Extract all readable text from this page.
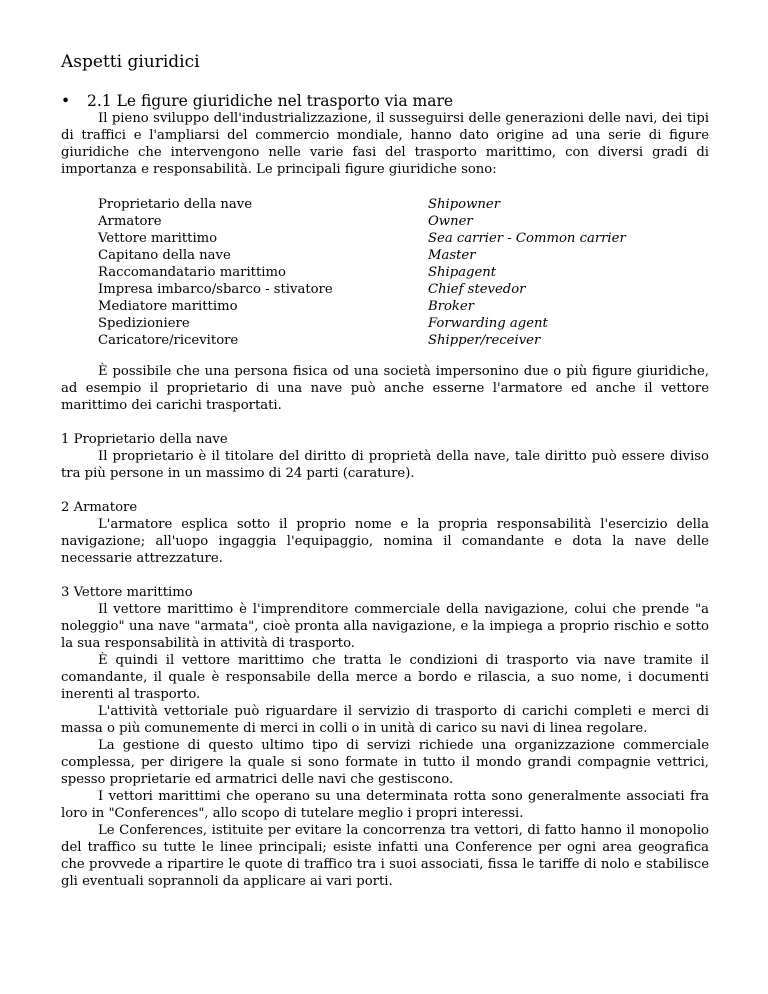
Aspetti giuridici
• 2.1 Le figure giuridiche nel trasporto via mare

Il pieno sviluppo dell'industrializzazione, il susseguirsi delle generazioni delle navi, dei tipi di traffici e l'ampliarsi del commercio mondiale, hanno dato origine ad una serie di figure giuridiche che intervengono nelle varie fasi del trasporto marittimo, con diversi gradi di importanza e responsabilità. Le principali figure giuridiche sono:

Proprietario della nave	Shipowner
Armatore	Owner
Vettore marittimo	Sea carrier - Common carrier
Capitano della nave	Master
Raccomandatario marittimo	Shipagent
Impresa imbarco/sbarco - stivatore	Chief stevedor
Mediatore marittimo	Broker
Spedizioniere	Forwarding agent
Caricatore/ricevitore	Shipper/receiver

È possibile che una persona fisica od una società impersonino due o più figure giuridiche, ad esempio il proprietario di una nave può anche esserne l'armatore ed anche il vettore marittimo dei carichi trasportati.

1 Proprietario della nave

Il proprietario è il titolare del diritto di proprietà della nave, tale diritto può essere diviso tra più persone in un massimo di 24 parti (carature).

2 Armatore

L'armatore esplica sotto il proprio nome e la propria responsabilità l'esercizio della navigazione; all'uopo ingaggia l'equipaggio, nomina il comandante e dota la nave delle necessarie attrezzature.

3 Vettore marittimo

Il vettore marittimo è l'imprenditore commerciale della navigazione, colui che prende "a noleggio" una nave "armata", cioè pronta alla navigazione, e la impiega a proprio rischio e sotto la sua responsabilità in attività di trasporto.

È quindi il vettore marittimo che tratta le condizioni di trasporto via nave tramite il comandante, il quale è responsabile della merce a bordo e rilascia, a suo nome, i documenti inerenti al trasporto.

L'attività vettoriale può riguardare il servizio di trasporto di carichi completi e merci di massa o più comunemente di merci in colli o in unità di carico su navi di linea regolare.

La gestione di questo ultimo tipo di servizi richiede una organizzazione commerciale complessa, per dirigere la quale si sono formate in tutto il mondo grandi compagnie vettrici, spesso proprietarie ed armatrici delle navi che gestiscono.

I vettori marittimi che operano su una determinata rotta sono generalmente associati fra loro in "Conferences", allo scopo di tutelare meglio i propri interessi.

Le Conferences, istituite per evitare la concorrenza tra vettori, di fatto hanno il monopolio del traffico su tutte le linee principali; esiste infatti una Conference per ogni area geografica che provvede a ripartire le quote di traffico tra i suoi associati, fissa le tariffe di nolo e stabilisce gli eventuali soprannoli da applicare ai vari porti.
